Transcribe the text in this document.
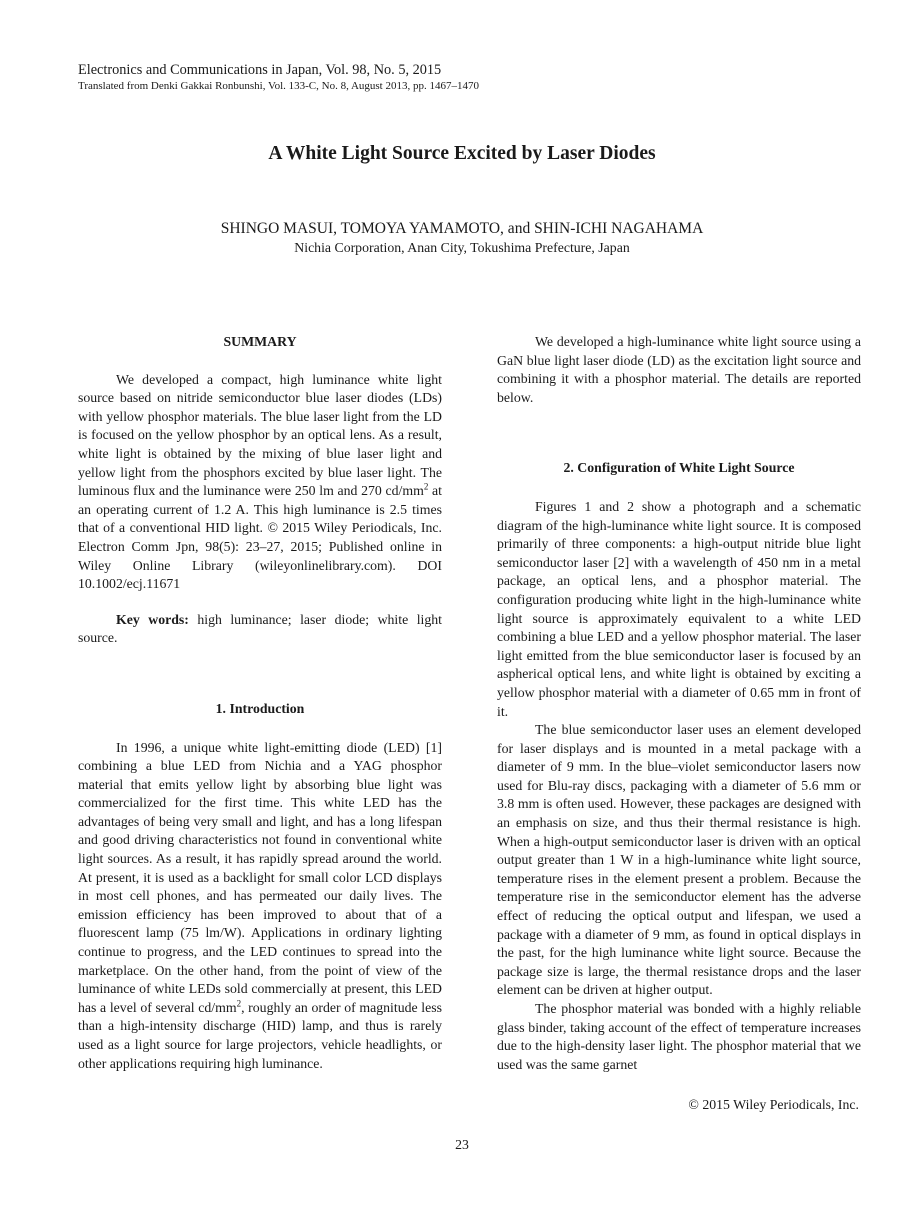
Electronics and Communications in Japan, Vol. 98, No. 5, 2015
Translated from Denki Gakkai Ronbunshi, Vol. 133-C, No. 8, August 2013, pp. 1467–1470
A White Light Source Excited by Laser Diodes
SHINGO MASUI, TOMOYA YAMAMOTO, and SHIN-ICHI NAGAHAMA
Nichia Corporation, Anan City, Tokushima Prefecture, Japan
SUMMARY

We developed a compact, high luminance white light source based on nitride semiconductor blue laser diodes (LDs) with yellow phosphor materials. The blue laser light from the LD is focused on the yellow phosphor by an optical lens. As a result, white light is obtained by the mixing of blue laser light and yellow light from the phosphors excited by blue laser light. The luminous flux and the luminance were 250 lm and 270 $cd/mm^2$ at an operating current of 1.2 A. This high luminance is 2.5 times that of a conventional HID light. © 2015 Wiley Periodicals, Inc. Electron Comm Jpn, 98(5): 23–27, 2015; Published online in Wiley Online Library (wileyonlinelibrary.com). DOI 10.1002/ecj.11671

Key words: high luminance; laser diode; white light source.

1. Introduction

In 1996, a unique white light-emitting diode (LED) [1] combining a blue LED from Nichia and a YAG phosphor material that emits yellow light by absorbing blue light was commercialized for the first time. This white LED has the advantages of being very small and light, and has a long lifespan and good driving characteristics not found in conventional white light sources. As a result, it has rapidly spread around the world. At present, it is used as a backlight for small color LCD displays in most cell phones, and has permeated our daily lives. The emission efficiency has been improved to about that of a fluorescent lamp (75 lm/W). Applications in ordinary lighting continue to progress, and the LED continues to spread into the marketplace. On the other hand, from the point of view of the luminance of white LEDs sold commercially at present, this LED has a level of several $cd/mm^2$, roughly an order of magnitude less than a high-intensity discharge (HID) lamp, and thus is rarely used as a light source for large projectors, vehicle headlights, or other applications requiring high luminance.

We developed a high-luminance white light source using a GaN blue light laser diode (LD) as the excitation light source and combining it with a phosphor material. The details are reported below.

2. Configuration of White Light Source

Figures 1 and 2 show a photograph and a schematic diagram of the high-luminance white light source. It is composed primarily of three components: a high-output nitride blue light semiconductor laser [2] with a wavelength of 450 nm in a metal package, an optical lens, and a phosphor material. The configuration producing white light in the high-luminance white light source is approximately equivalent to a white LED combining a blue LED and a yellow phosphor material. The laser light emitted from the blue semiconductor laser is focused by an aspherical optical lens, and white light is obtained by exciting a yellow phosphor material with a diameter of 0.65 mm in front of it.

The blue semiconductor laser uses an element developed for laser displays and is mounted in a metal package with a diameter of 9 mm. In the blue–violet semiconductor lasers now used for Blu-ray discs, packaging with a diameter of 5.6 mm or 3.8 mm is often used. However, these packages are designed with an emphasis on size, and thus their thermal resistance is high. When a high-output semiconductor laser is driven with an optical output greater than 1 W in a high-luminance white light source, temperature rises in the element present a problem. Because the temperature rise in the semiconductor element has the adverse effect of reducing the optical output and lifespan, we used a package with a diameter of 9 mm, as found in optical displays in the past, for the high luminance white light source. Because the package size is large, the thermal resistance drops and the laser element can be driven at higher output.

The phosphor material was bonded with a highly reliable glass binder, taking account of the effect of temperature increases due to the high-density laser light. The phosphor material that we used was the same garnet

© 2015 Wiley Periodicals, Inc.
23
